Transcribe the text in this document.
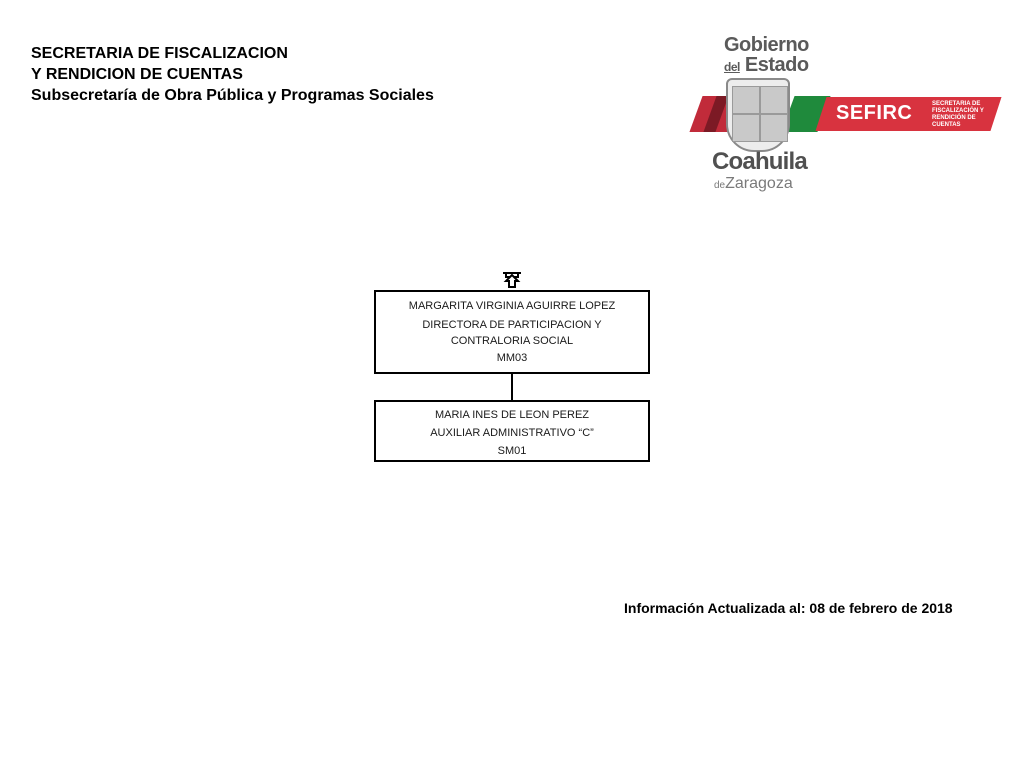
SECRETARIA DE FISCALIZACION
Y RENDICION DE CUENTAS
Subsecretaría de Obra Pública y Programas Sociales
Gobierno
del Estado
SEFIRC	SECRETARIA DE FISCALIZACIÓN Y RENDICIÓN DE CUENTAS
Coahuila
deZaragoza
MARGARITA VIRGINIA AGUIRRE LOPEZ
DIRECTORA DE PARTICIPACION Y CONTRALORIA SOCIAL
MM03
MARIA INES DE LEON PEREZ
AUXILIAR ADMINISTRATIVO “C”
SM01
Información Actualizada al: 08 de febrero de 2018
